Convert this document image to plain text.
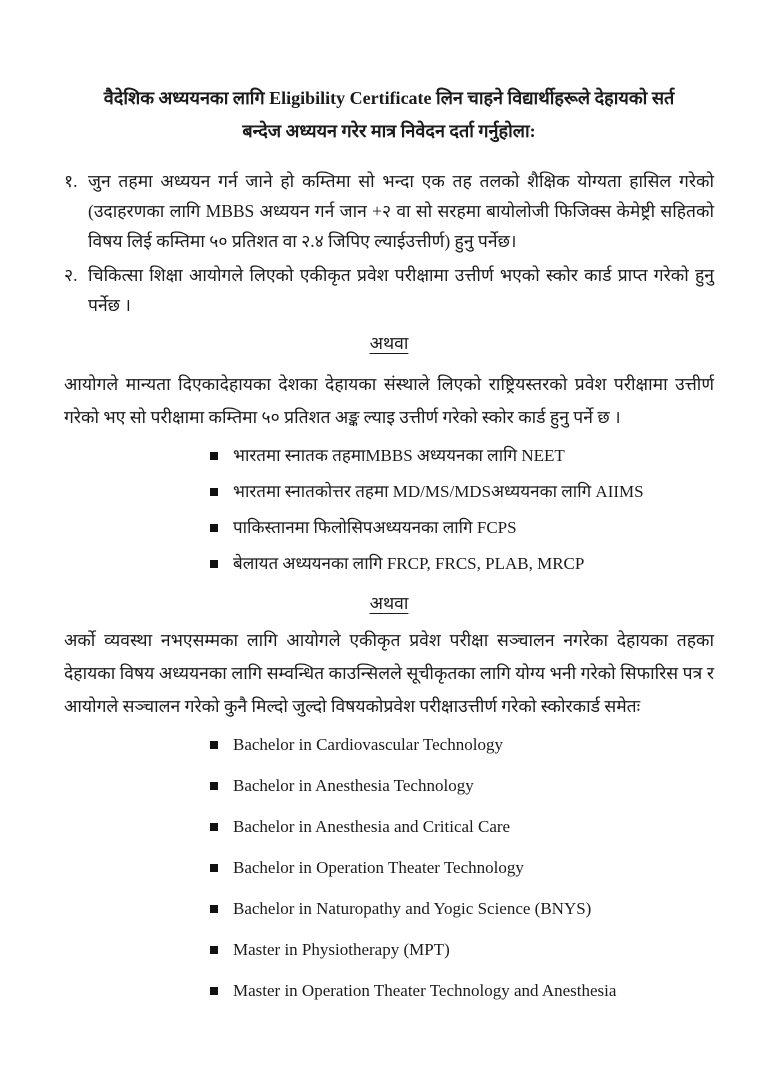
वैदेशिक अध्ययनका लागि Eligibility Certificate लिन चाहने विद्यार्थीहरूले देहायको सर्त
बन्देज अध्ययन गरेर मात्र निवेदन दर्ता गर्नुहोला:
१. जुन तहमा अध्ययन गर्न जाने हो कम्तिमा सो भन्दा एक तह तलको शैक्षिक योग्यता हासिल गरेको (उदाहरणका लागि MBBS अध्ययन गर्न जान +२ वा सो सरहमा बायोलोजी फिजिक्स केमेष्ट्री सहितको विषय लिई कम्तिमा ५० प्रतिशत वा २.४ जिपिए ल्याईउत्तीर्ण) हुनु पर्नेछ।
२. चिकित्सा शिक्षा आयोगले लिएको एकीकृत प्रवेश परीक्षामा उत्तीर्ण भएको स्कोर कार्ड प्राप्त गरेको हुनु पर्नेछ ।
अथवा

आयोगले मान्यता दिएकादेहायका देशका देहायका संस्थाले लिएको राष्ट्रियस्तरको प्रवेश परीक्षामा उत्तीर्ण गरेको भए सो परीक्षामा कम्तिमा ५० प्रतिशत अङ्क ल्याइ उत्तीर्ण गरेको स्कोर कार्ड हुनु पर्ने छ ।

भारतमा स्नातक तहमाMBBS अध्ययनका लागि NEET
भारतमा स्नातकोत्तर तहमा MD/MS/MDSअध्ययनका लागि AIIMS
पाकिस्तानमा फिलोसिपअध्ययनका लागि FCPS
बेलायत अध्ययनका लागि FRCP, FRCS, PLAB, MRCP
अथवा

अर्को व्यवस्था नभएसम्मका लागि आयोगले एकीकृत प्रवेश परीक्षा सञ्चालन नगरेका देहायका तहका देहायका विषय अध्ययनका लागि सम्वन्धित काउन्सिलले सूचीकृतका लागि योग्य भनी गरेको सिफारिस पत्र र आयोगले सञ्चालन गरेको कुनै मिल्दो जुल्दो विषयकोप्रवेश परीक्षाउत्तीर्ण गरेको स्कोरकार्ड समेतः

Bachelor in Cardiovascular Technology
Bachelor in Anesthesia Technology
Bachelor in Anesthesia and Critical Care
Bachelor in Operation Theater Technology
Bachelor in Naturopathy and Yogic Science (BNYS)
Master in Physiotherapy (MPT)
Master in Operation Theater Technology and Anesthesia
